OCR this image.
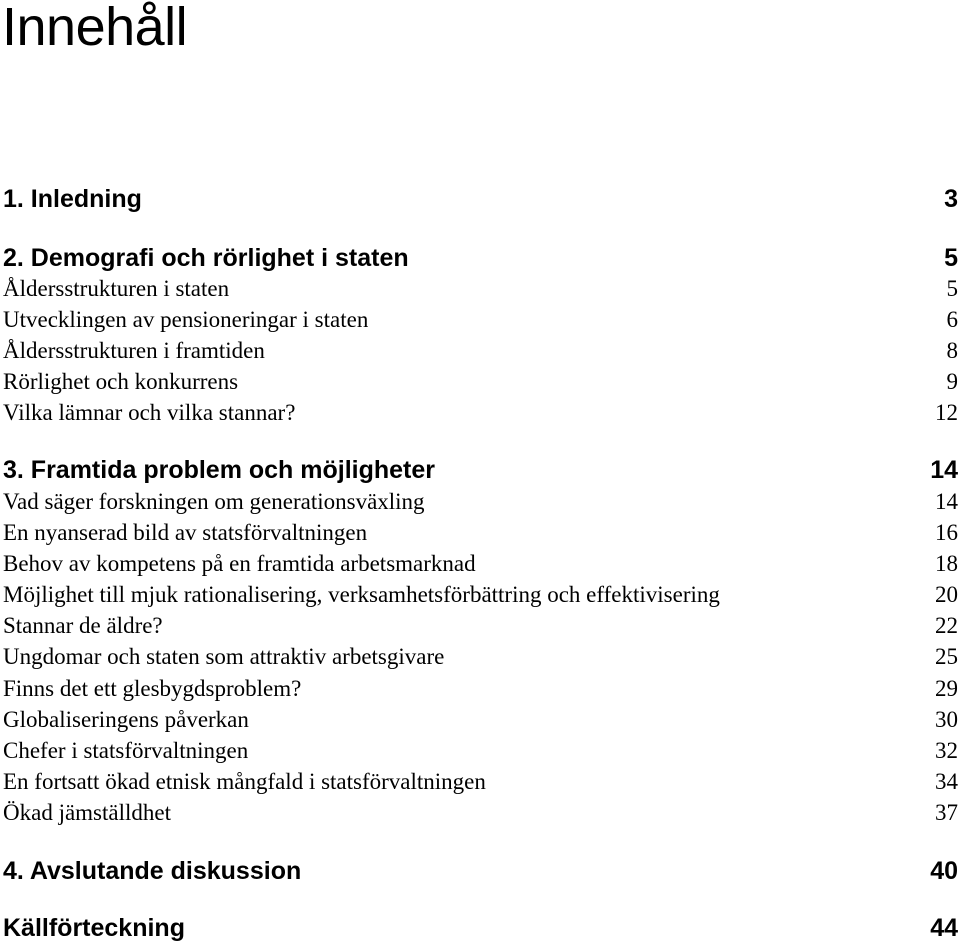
Innehåll
1. Inledning	3
2. Demografi och rörlighet i staten	5
Åldersstrukturen i staten	5
Utvecklingen av pensioneringar i staten	6
Åldersstrukturen i framtiden	8
Rörlighet och konkurrens	9
Vilka lämnar och vilka stannar?	12
3. Framtida problem och möjligheter	14
Vad säger forskningen om generationsväxling	14
En nyanserad bild av statsförvaltningen	16
Behov av kompetens på en framtida arbetsmarknad	18
Möjlighet till mjuk rationalisering, verksamhetsförbättring och effektivisering	20
Stannar de äldre?	22
Ungdomar och staten som attraktiv arbetsgivare	25
Finns det ett glesbygdsproblem?	29
Globaliseringens påverkan	30
Chefer i statsförvaltningen	32
En fortsatt ökad etnisk mångfald i statsförvaltningen	34
Ökad jämställdhet	37
4. Avslutande diskussion	40
Källförteckning	44
